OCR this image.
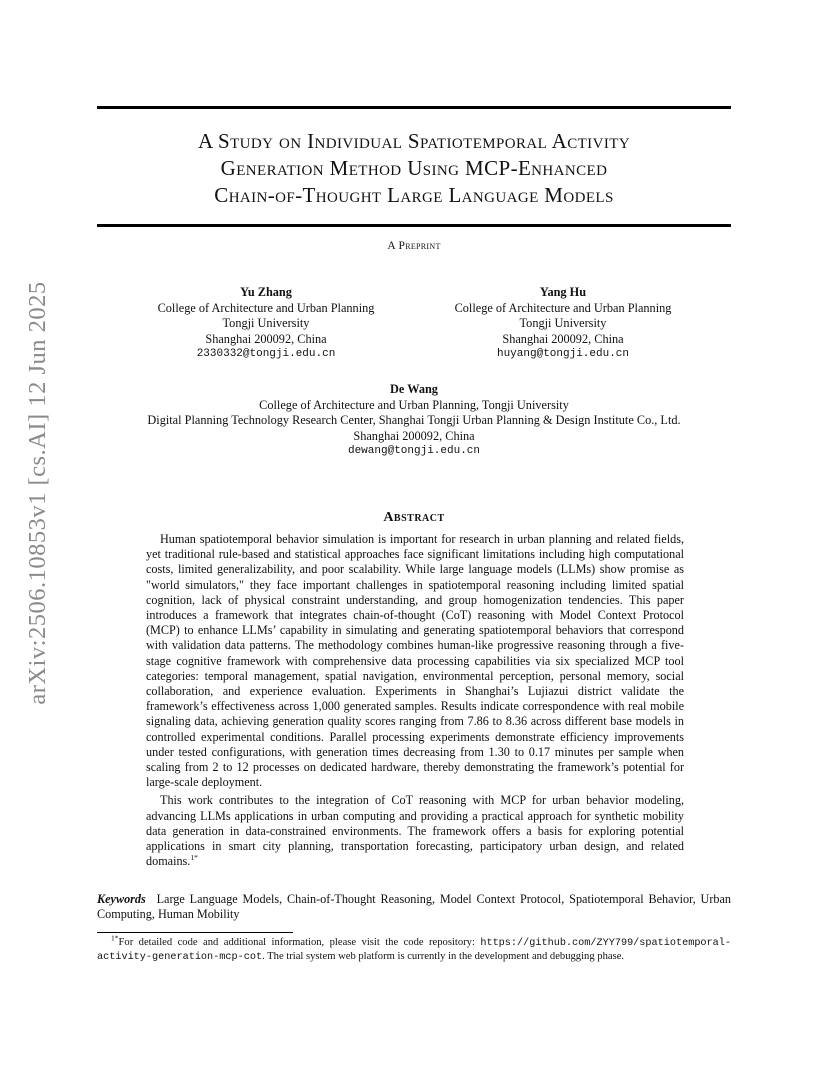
arXiv:2506.10853v1 [cs.AI] 12 Jun 2025
A Study on Individual Spatiotemporal Activity
Generation Method Using MCP-Enhanced
Chain-of-Thought Large Language Models
A Preprint
Yu Zhang
College of Architecture and Urban Planning
Tongji University
Shanghai 200092, China
2330332@tongji.edu.cn
Yang Hu
College of Architecture and Urban Planning
Tongji University
Shanghai 200092, China
huyang@tongji.edu.cn
De Wang
College of Architecture and Urban Planning, Tongji University
Digital Planning Technology Research Center, Shanghai Tongji Urban Planning & Design Institute Co., Ltd.
Shanghai 200092, China
dewang@tongji.edu.cn
Abstract

Human spatiotemporal behavior simulation is important for research in urban planning and related fields, yet traditional rule-based and statistical approaches face significant limitations including high computational costs, limited generalizability, and poor scalability. While large language models (LLMs) show promise as "world simulators," they face important challenges in spatiotemporal reasoning including limited spatial cognition, lack of physical constraint understanding, and group homogenization tendencies. This paper introduces a framework that integrates chain-of-thought (CoT) reasoning with Model Context Protocol (MCP) to enhance LLMs’ capability in simulating and generating spatiotemporal behaviors that correspond with validation data patterns. The methodology combines human-like progressive reasoning through a five-stage cognitive framework with comprehensive data processing capabilities via six specialized MCP tool categories: temporal management, spatial navigation, environmental perception, personal memory, social collaboration, and experience evaluation. Experiments in Shanghai’s Lujiazui district validate the framework’s effectiveness across 1,000 generated samples. Results indicate correspondence with real mobile signaling data, achieving generation quality scores ranging from 7.86 to 8.36 across different base models in controlled experimental conditions. Parallel processing experiments demonstrate efficiency improvements under tested configurations, with generation times decreasing from 1.30 to 0.17 minutes per sample when scaling from 2 to 12 processes on dedicated hardware, thereby demonstrating the framework’s potential for large-scale deployment.

This work contributes to the integration of CoT reasoning with MCP for urban behavior modeling, advancing LLMs applications in urban computing and providing a practical approach for synthetic mobility data generation in data-constrained environments. The framework offers a basis for exploring potential applications in smart city planning, transportation forecasting, participatory urban design, and related domains.$^{1*}$

Keywords Large Language Models, Chain-of-Thought Reasoning, Model Context Protocol, Spatiotemporal Behavior, Urban Computing, Human Mobility

$^{1*}$For detailed code and additional information, please visit the code repository: https://github.com/ZYY799/spatiotemporal-activity-generation-mcp-cot. The trial system web platform is currently in the development and debugging phase.
